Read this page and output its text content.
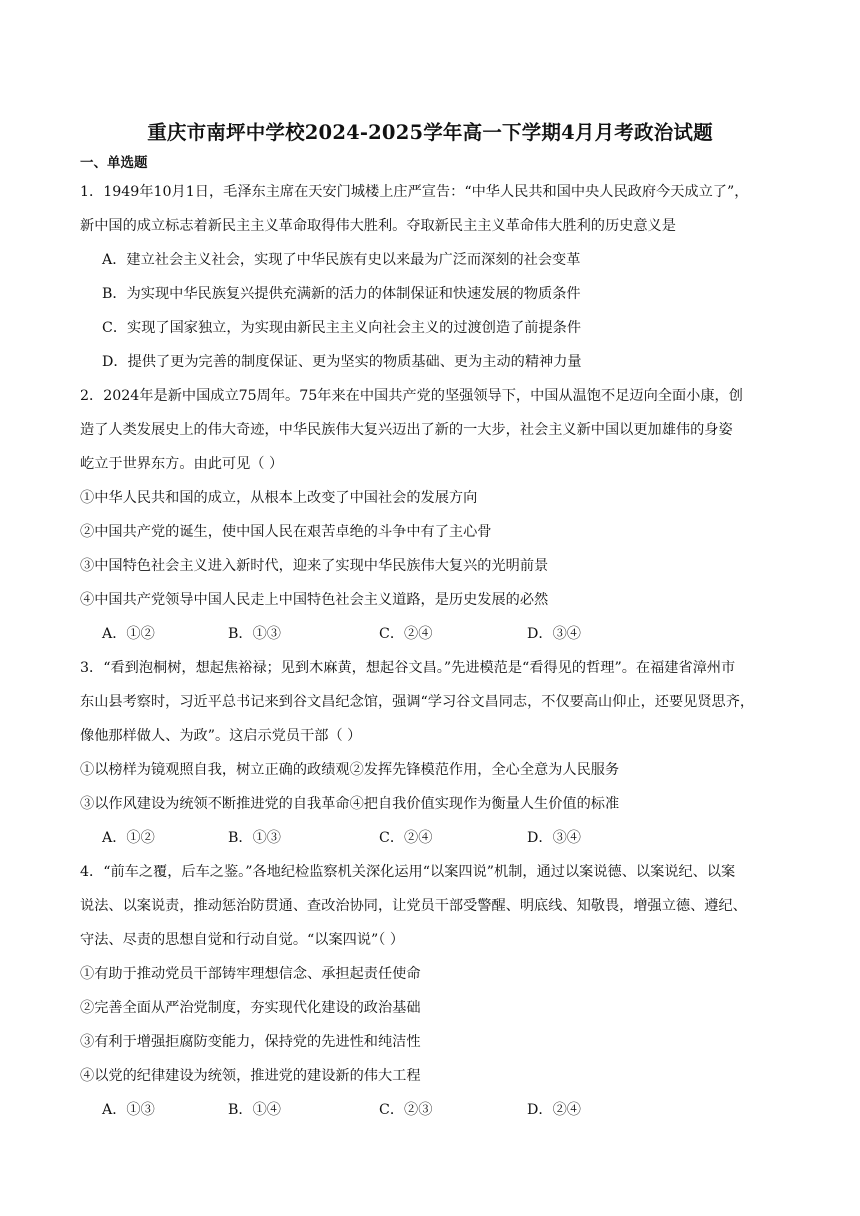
重庆市南坪中学校2024-2025学年高一下学期4月月考政治试题
一、单选题
1．1949年10月1日，毛泽东主席在天安门城楼上庄严宣告：“中华人民共和国中央人民政府今天成立了”，
新中国的成立标志着新民主主义革命取得伟大胜利。夺取新民主主义革命伟大胜利的历史意义是
A．建立社会主义社会，实现了中华民族有史以来最为广泛而深刻的社会变革
B．为实现中华民族复兴提供充满新的活力的体制保证和快速发展的物质条件
C．实现了国家独立，为实现由新民主主义向社会主义的过渡创造了前提条件
D．提供了更为完善的制度保证、更为坚实的物质基础、更为主动的精神力量
2．2024年是新中国成立75周年。75年来在中国共产党的坚强领导下，中国从温饱不足迈向全面小康，创
造了人类发展史上的伟大奇迹，中华民族伟大复兴迈出了新的一大步，社会主义新中国以更加雄伟的身姿
屹立于世界东方。由此可见（ ）
①中华人民共和国的成立，从根本上改变了中国社会的发展方向
②中国共产党的诞生，使中国人民在艰苦卓绝的斗争中有了主心骨
③中国特色社会主义进入新时代，迎来了实现中华民族伟大复兴的光明前景
④中国共产党领导中国人民走上中国特色社会主义道路，是历史发展的必然
A．①②	B．①③	C．②④	D．③④
3．“看到泡桐树，想起焦裕禄；见到木麻黄，想起谷文昌。”先进模范是“看得见的哲理”。在福建省漳州市
东山县考察时，习近平总书记来到谷文昌纪念馆，强调“学习谷文昌同志，不仅要高山仰止，还要见贤思齐，
像他那样做人、为政”。这启示党员干部（ ）
①以榜样为镜观照自我，树立正确的政绩观②发挥先锋模范作用，全心全意为人民服务
③以作风建设为统领不断推进党的自我革命④把自我价值实现作为衡量人生价值的标准
A．①②	B．①③	C．②④	D．③④
4．“前车之覆，后车之鉴。”各地纪检监察机关深化运用“以案四说”机制，通过以案说德、以案说纪、以案
说法、以案说责，推动惩治防贯通、查改治协同，让党员干部受警醒、明底线、知敬畏，增强立德、遵纪、
守法、尽责的思想自觉和行动自觉。“以案四说”（ ）
①有助于推动党员干部铸牢理想信念、承担起责任使命
②完善全面从严治党制度，夯实现代化建设的政治基础
③有利于增强拒腐防变能力，保持党的先进性和纯洁性
④以党的纪律建设为统领，推进党的建设新的伟大工程
A．①③	B．①④	C．②③	D．②④
